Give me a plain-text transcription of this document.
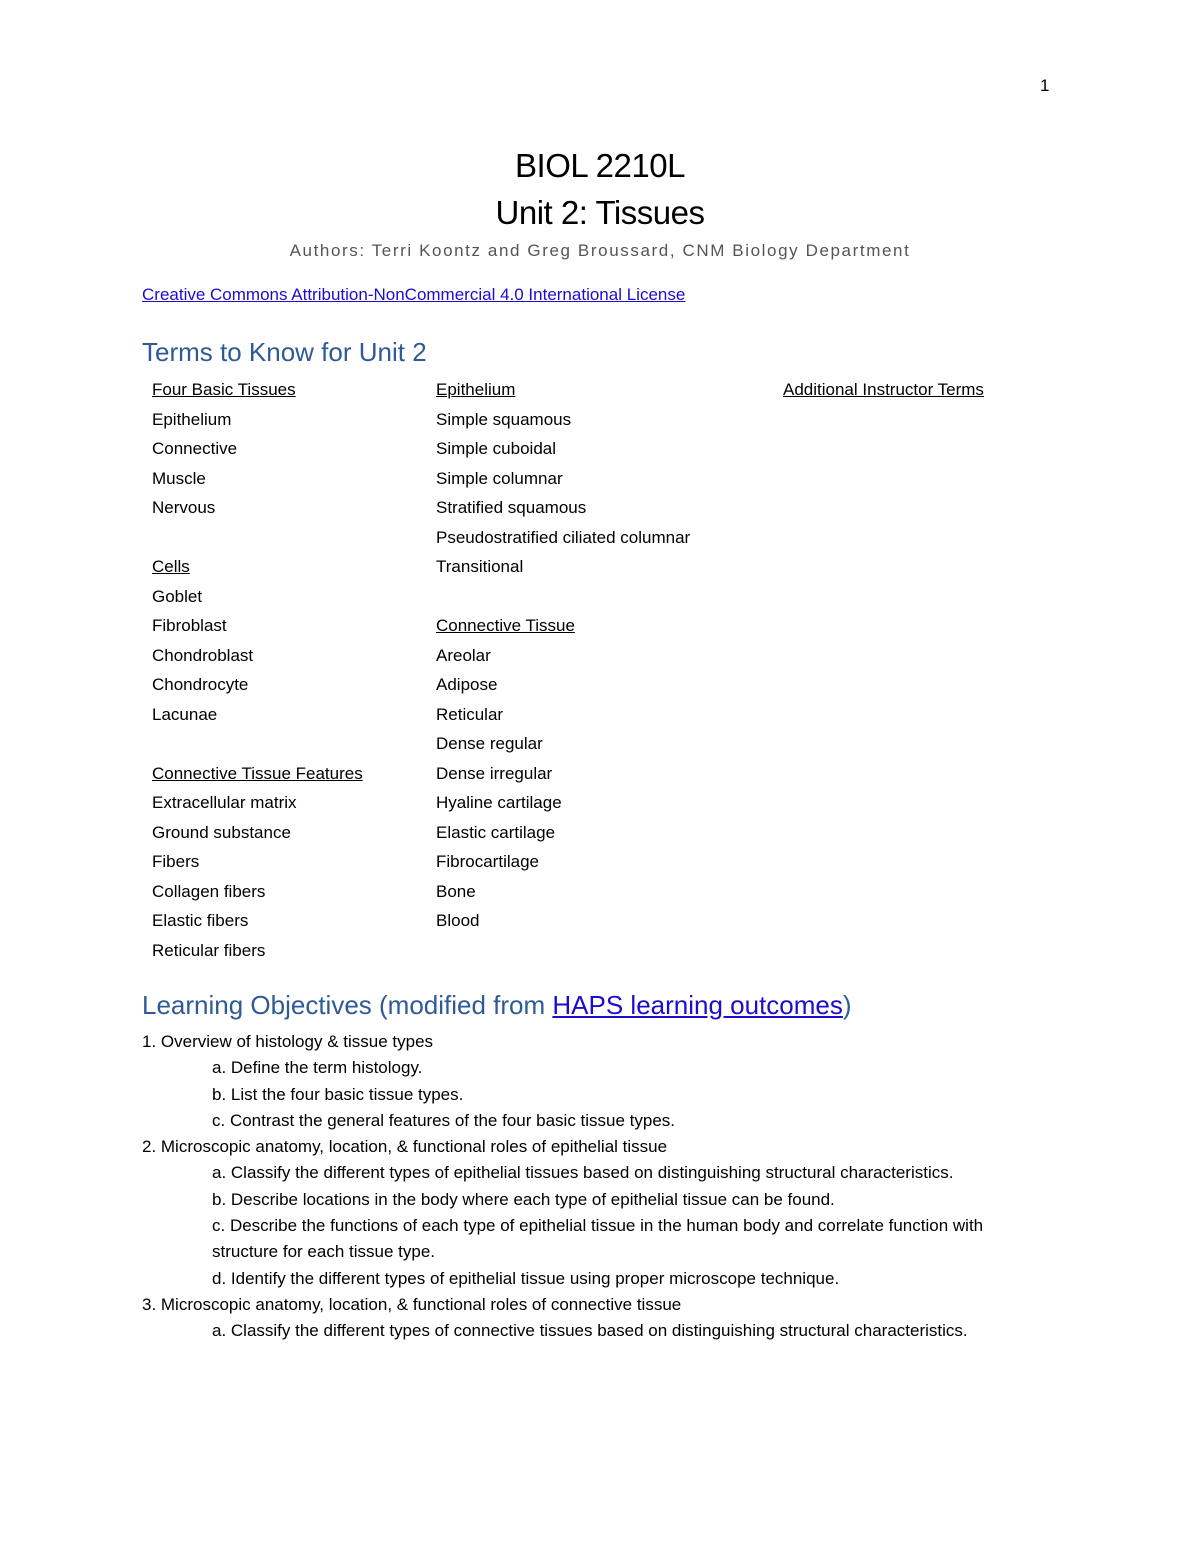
1
BIOL 2210L
Unit 2: Tissues
Authors: Terri Koontz and Greg Broussard, CNM Biology Department
Creative Commons Attribution-NonCommercial 4.0 International License
Terms to Know for Unit 2
Four Basic Tissues
Epithelium
Connective
Muscle
Nervous
Cells
Goblet
Fibroblast
Chondroblast
Chondrocyte
Lacunae
Connective Tissue Features
Extracellular matrix
Ground substance
Fibers
Collagen fibers
Elastic fibers
Reticular fibers
Epithelium
Simple squamous
Simple cuboidal
Simple columnar
Stratified squamous
Pseudostratified ciliated columnar
Transitional
Connective Tissue
Areolar
Adipose
Reticular
Dense regular
Dense irregular
Hyaline cartilage
Elastic cartilage
Fibrocartilage
Bone
Blood
Additional Instructor Terms
Learning Objectives (modified from HAPS learning outcomes)
1. Overview of histology & tissue types
a. Define the term histology.
b. List the four basic tissue types.
c. Contrast the general features of the four basic tissue types.
2. Microscopic anatomy, location, & functional roles of epithelial tissue
a. Classify the different types of epithelial tissues based on distinguishing structural characteristics.
b. Describe locations in the body where each type of epithelial tissue can be found.
c. Describe the functions of each type of epithelial tissue in the human body and correlate function with structure for each tissue type.
d. Identify the different types of epithelial tissue using proper microscope technique.
3. Microscopic anatomy, location, & functional roles of connective tissue
a. Classify the different types of connective tissues based on distinguishing structural characteristics.
